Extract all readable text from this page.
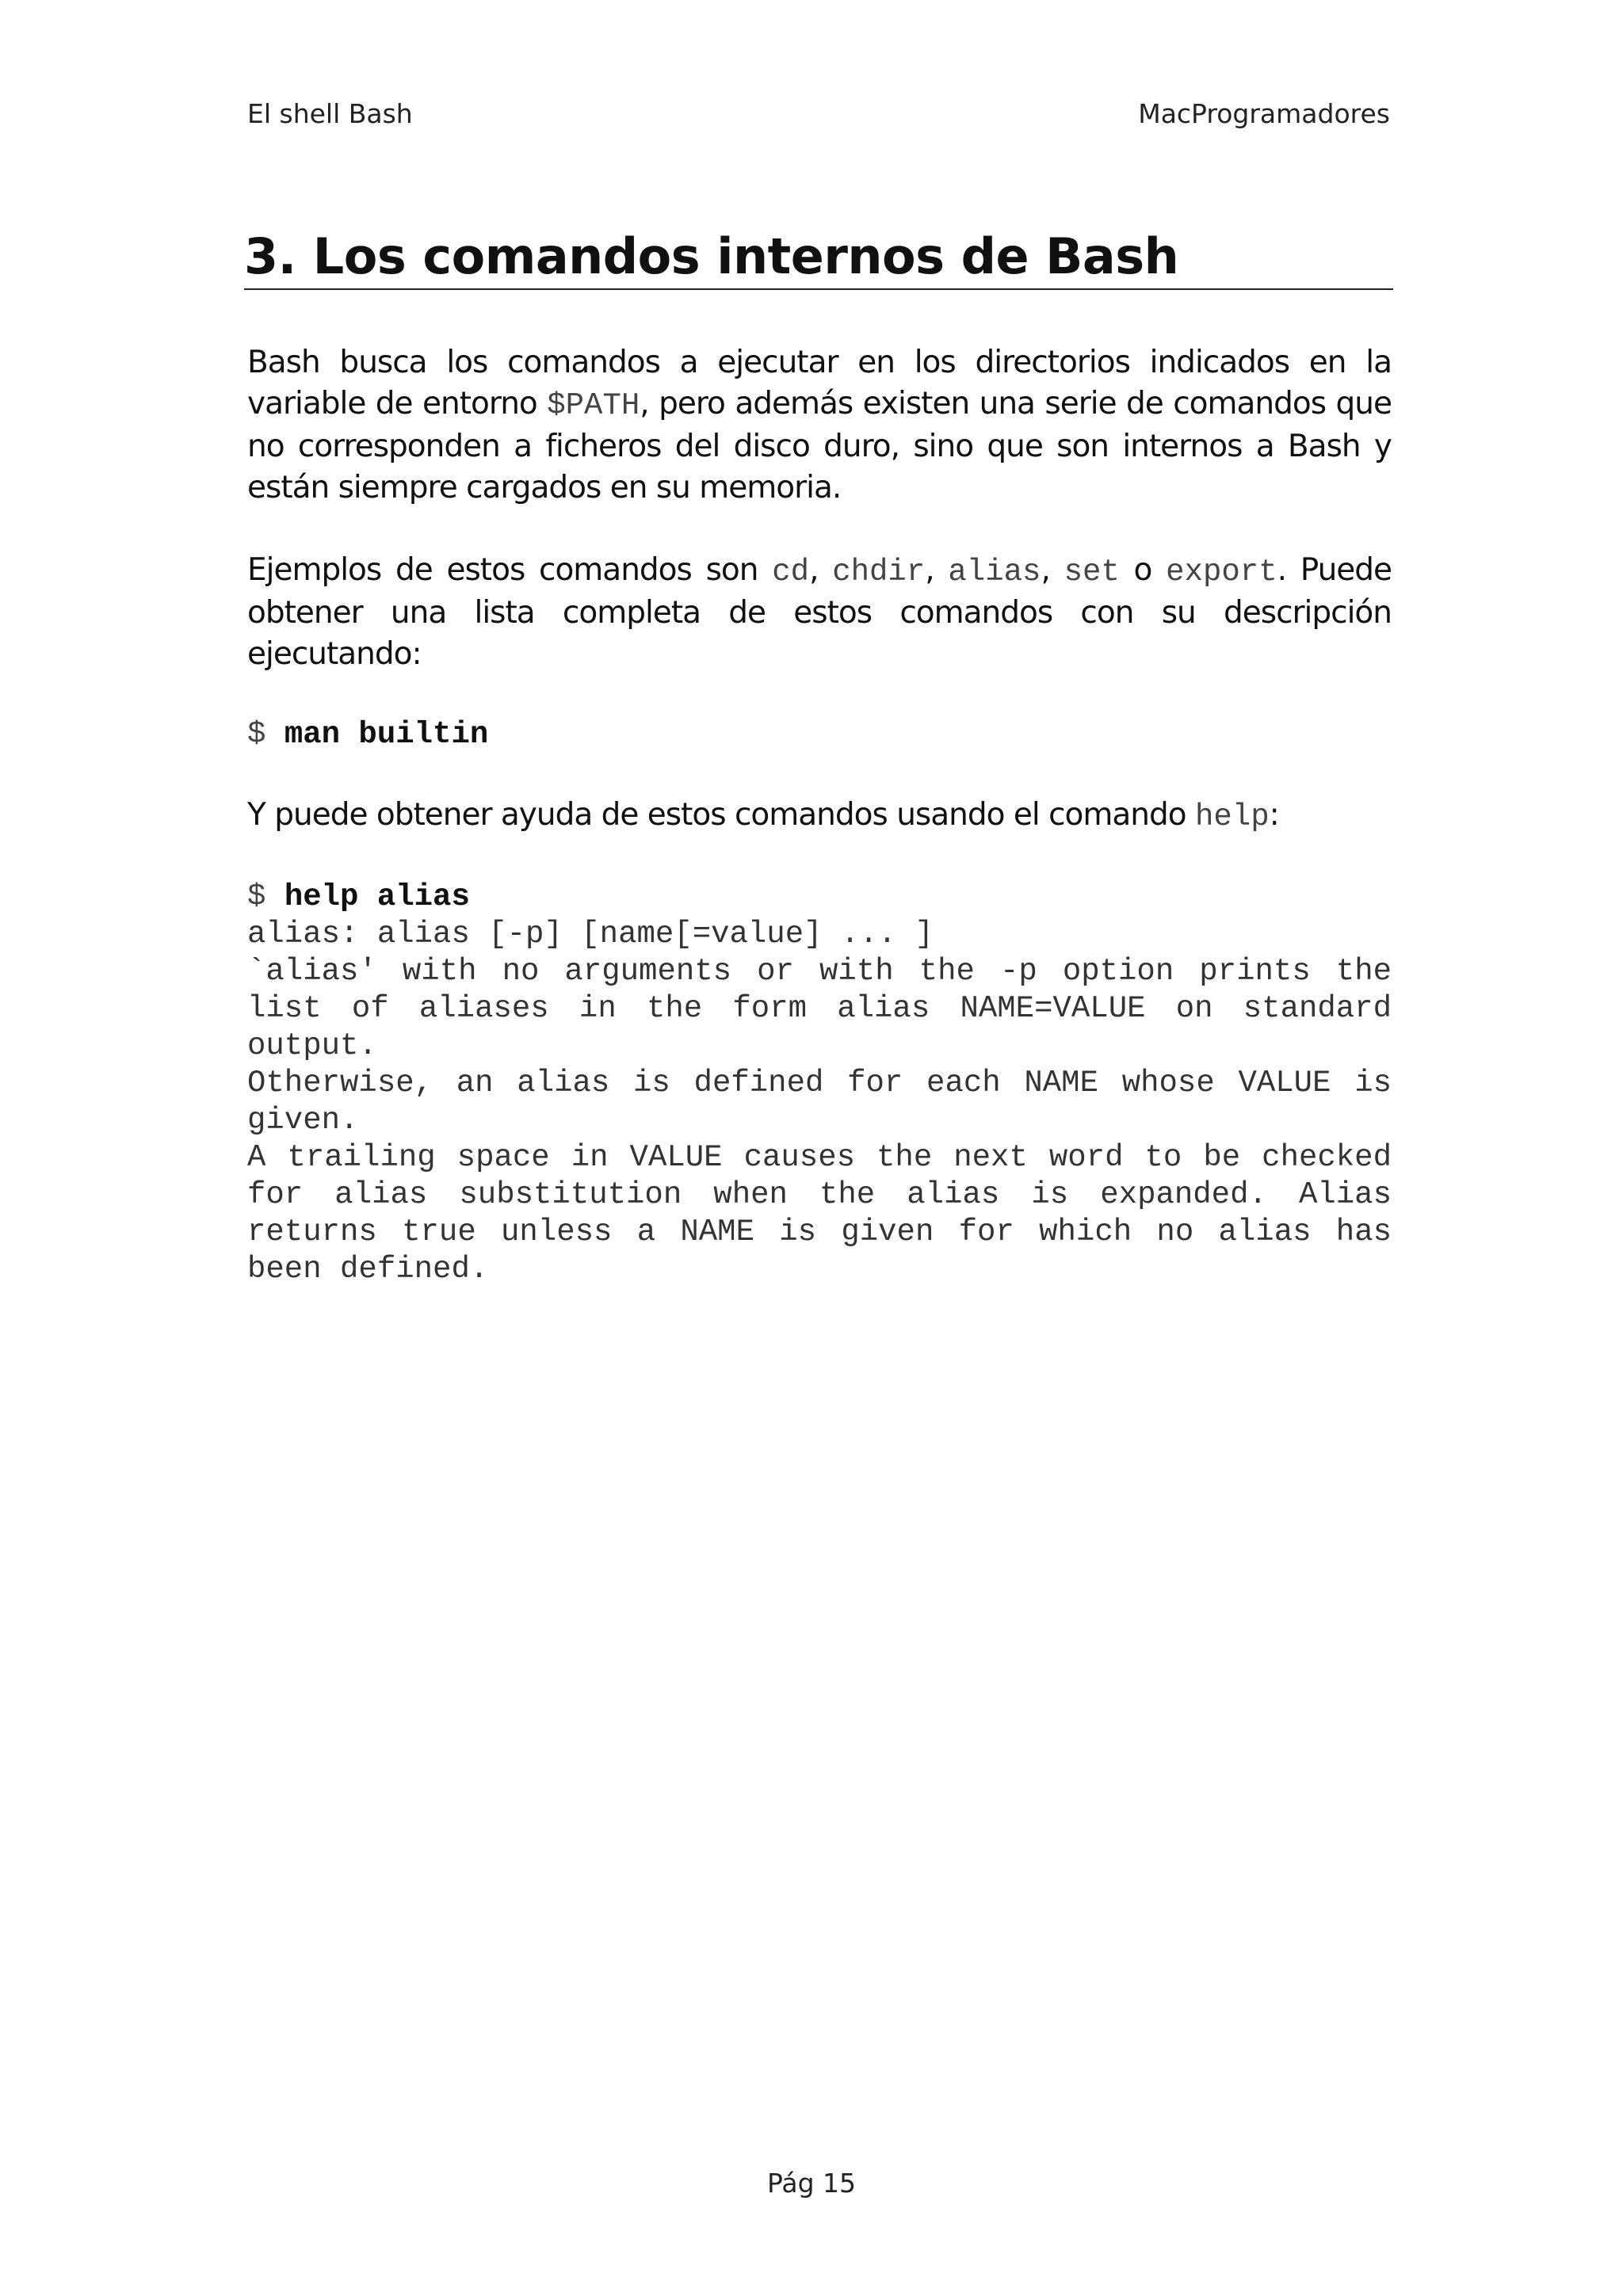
El shell Bash	MacProgramadores
3. Los comandos internos de Bash

Bash busca los comandos a ejecutar en los directorios indicados en la variable de entorno $PATH, pero además existen una serie de comandos que no corresponden a ficheros del disco duro, sino que son internos a Bash y están siempre cargados en su memoria.

Ejemplos de estos comandos son cd, chdir, alias, set o export. Puede obtener una lista completa de estos comandos con su descripción ejecutando:

$ man builtin

Y puede obtener ayuda de estos comandos usando el comando help:

$ help alias
alias: alias [-p] [name[=value] ... ]
`alias' with no arguments or with the -p option prints the list of aliases in the form alias NAME=VALUE on standard output.
Otherwise, an alias is defined for each NAME whose VALUE is given.
A trailing space in VALUE causes the next word to be checked for alias substitution when the alias is expanded. Alias returns true unless a NAME is given for which no alias has been defined.
Pág 15
